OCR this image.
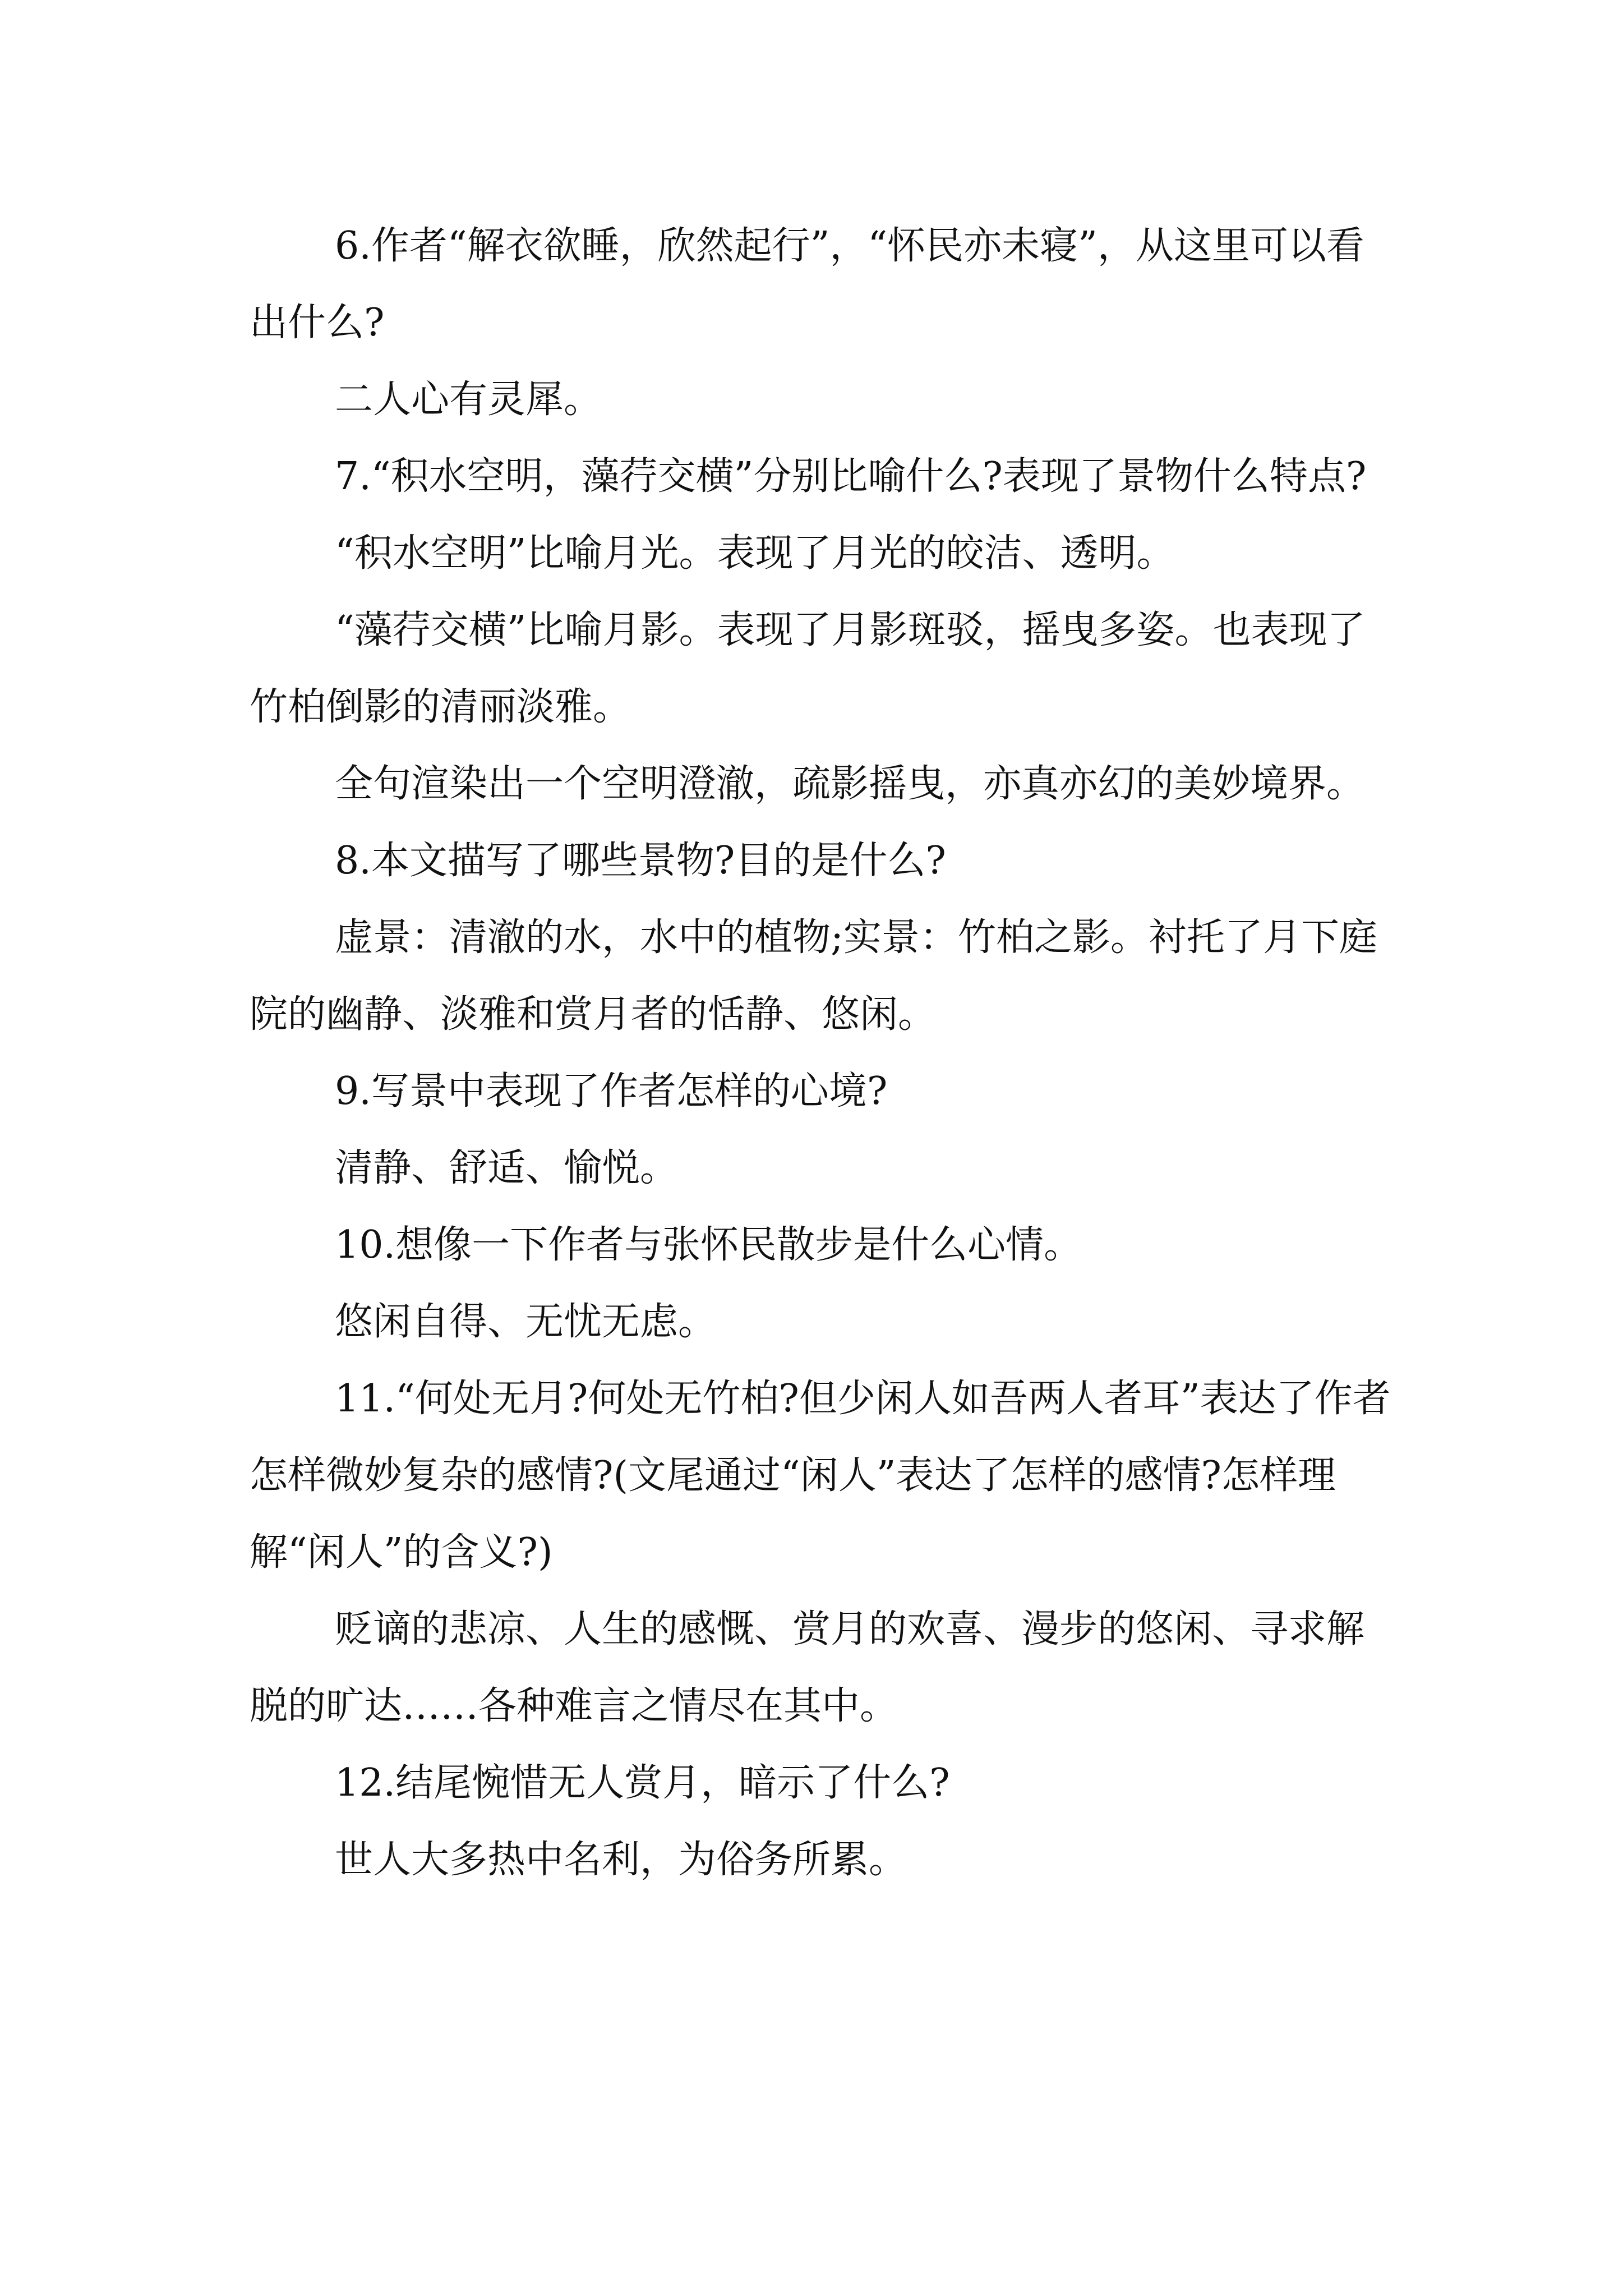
6.作者“解衣欲睡，欣然起行”，“怀民亦未寝”，从这里可以看出什么?

二人心有灵犀。

7.“积水空明，藻荇交横”分别比喻什么?表现了景物什么特点?

“积水空明”比喻月光。表现了月光的皎洁、透明。

“藻荇交横”比喻月影。表现了月影斑驳，摇曳多姿。也表现了竹柏倒影的清丽淡雅。

全句渲染出一个空明澄澈，疏影摇曳，亦真亦幻的美妙境界。

8.本文描写了哪些景物?目的是什么?

虚景：清澈的水，水中的植物;实景：竹柏之影。衬托了月下庭院的幽静、淡雅和赏月者的恬静、悠闲。

9.写景中表现了作者怎样的心境?

清静、舒适、愉悦。

10.想像一下作者与张怀民散步是什么心情。

悠闲自得、无忧无虑。

11.“何处无月?何处无竹柏?但少闲人如吾两人者耳”表达了作者怎样微妙复杂的感情?(文尾通过“闲人”表达了怎样的感情?怎样理解“闲人”的含义?)

贬谪的悲凉、人生的感慨、赏月的欢喜、漫步的悠闲、寻求解脱的旷达……各种难言之情尽在其中。

12.结尾惋惜无人赏月，暗示了什么?

世人大多热中名利，为俗务所累。
